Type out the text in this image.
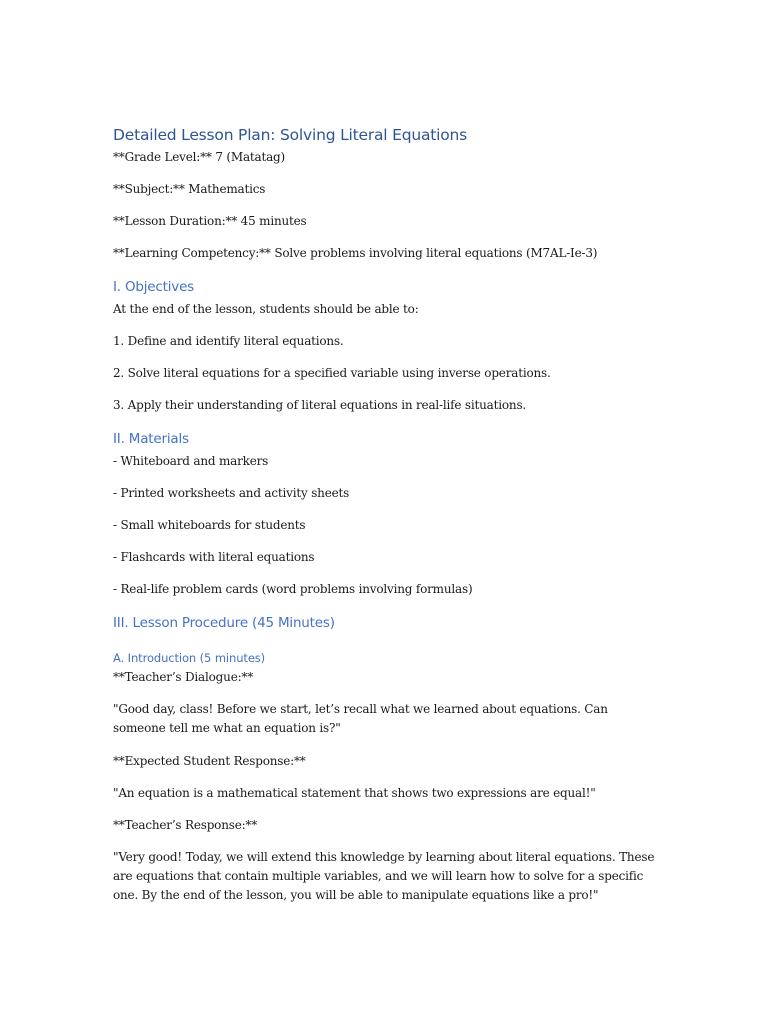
Detailed Lesson Plan: Solving Literal Equations
**Grade Level:** 7 (Matatag)
**Subject:** Mathematics
**Lesson Duration:** 45 minutes
**Learning Competency:** Solve problems involving literal equations (M7AL-Ie-3)
I. Objectives
At the end of the lesson, students should be able to:
1. Define and identify literal equations.
2. Solve literal equations for a specified variable using inverse operations.
3. Apply their understanding of literal equations in real-life situations.
II. Materials
- Whiteboard and markers
- Printed worksheets and activity sheets
- Small whiteboards for students
- Flashcards with literal equations
- Real-life problem cards (word problems involving formulas)
III. Lesson Procedure (45 Minutes)
A. Introduction (5 minutes)
**Teacher’s Dialogue:**
"Good day, class! Before we start, let’s recall what we learned about equations. Can someone tell me what an equation is?"
**Expected Student Response:**
"An equation is a mathematical statement that shows two expressions are equal!"
**Teacher’s Response:**
"Very good! Today, we will extend this knowledge by learning about literal equations. These are equations that contain multiple variables, and we will learn how to solve for a specific one. By the end of the lesson, you will be able to manipulate equations like a pro!"
